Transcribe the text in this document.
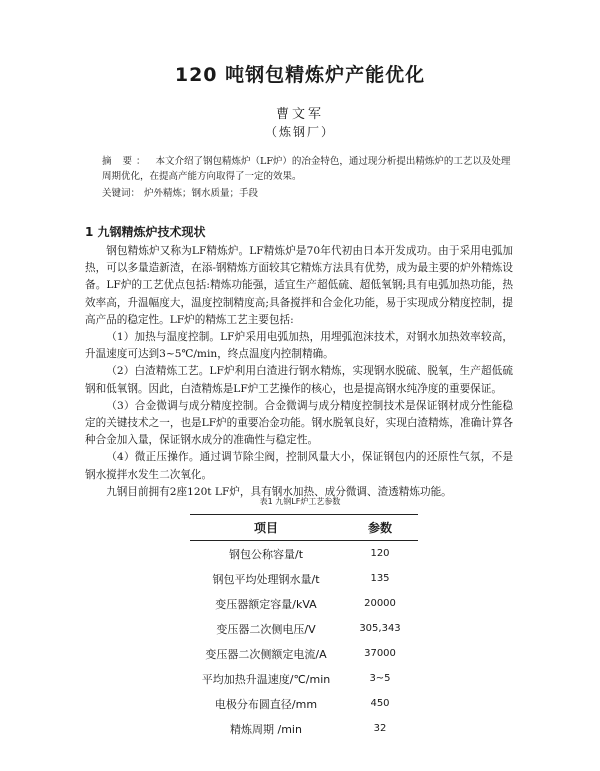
120 吨钢包精炼炉产能优化
曹文军
（炼钢厂）
摘 要： 本文介绍了钢包精炼炉（LF炉）的冶金特色，通过现分析提出精炼炉的工艺以及处理周期优化，在提高产能方向取得了一定的效果。
关键词： 炉外精炼；钢水质量；手段
1 九钢精炼炉技术现状

钢包精炼炉又称为LF精炼炉。LF精炼炉是70年代初由日本开发成功。由于采用电弧加热，可以多量造新渣，在添-钢精炼方面较其它精炼方法具有优势，成为最主要的炉外精炼设备。LF炉的工艺优点包括:精炼功能强，适宜生产超低硫、超低氧钢;具有电弧加热功能，热效率高，升温幅度大，温度控制精度高;具备搅拌和合金化功能，易于实现成分精度控制，提高产品的稳定性。LF炉的精炼工艺主要包括:

（1）加热与温度控制。LF炉采用电弧加热，用埋弧泡沫技术，对钢水加热效率较高，升温速度可达到3~5℃/min，终点温度内控制精确。

（2）白渣精炼工艺。LF炉利用白渣进行钢水精炼，实现钢水脱硫、脱氧，生产超低硫钢和低氧钢。因此，白渣精炼是LF炉工艺操作的核心，也是提高钢水纯净度的重要保证。

（3）合金微调与成分精度控制。合金微调与成分精度控制技术是保证钢材成分性能稳定的关键技术之一，也是LF炉的重要冶金功能。钢水脱氧良好，实现白渣精炼，准确计算各种合金加入量，保证钢水成分的准确性与稳定性。

（4）微正压操作。通过调节除尘阀，控制风量大小，保证钢包内的还原性气氛，不是钢水搅拌水发生二次氧化。

九钢目前拥有2座120t LF炉，具有钢水加热、成分微调、渣透精炼功能。

表1 九钢LF炉工艺参数
项目	参数
钢包公称容量/t	120
钢包平均处理钢水量/t	135
变压器额定容量/kVA	20000
变压器二次侧电压/V	305,343
变压器二次侧额定电流/A	37000
平均加热升温速度/℃/min	3~5
电极分布圆直径/mm	450
精炼周期 /min	32
